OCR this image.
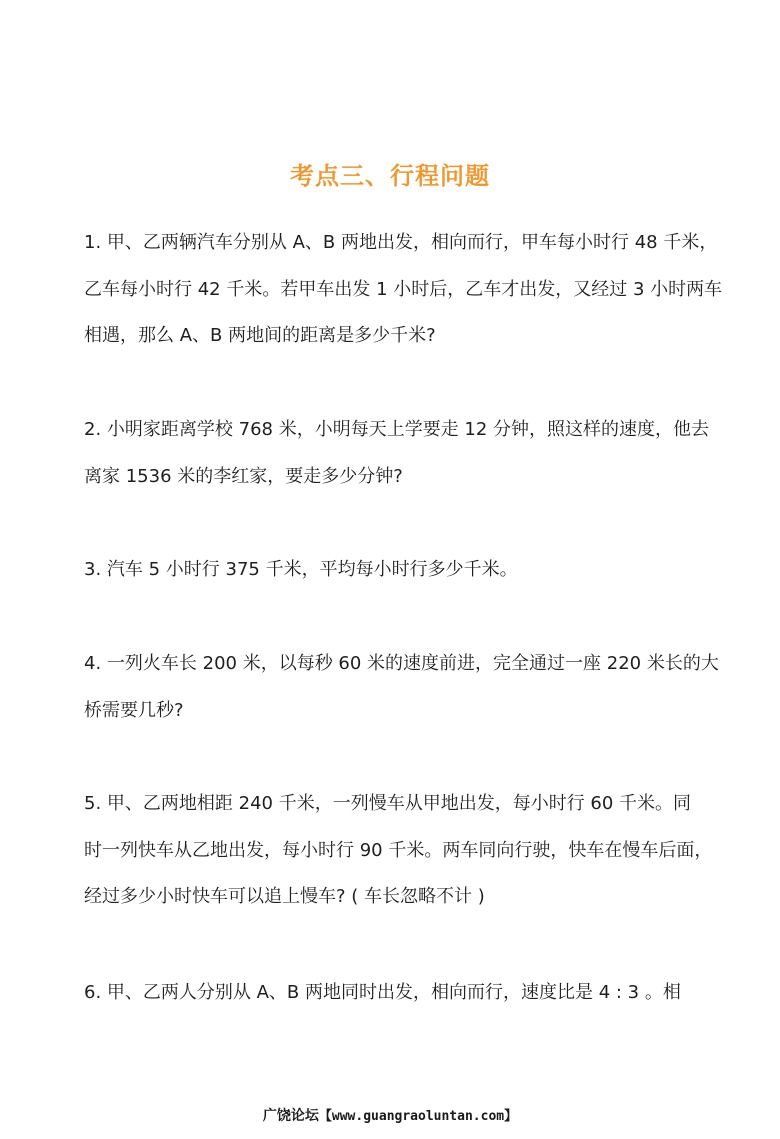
考点三、行程问题
1. 甲、乙两辆汽车分别从 A、B 两地出发，相向而行，甲车每小时行 48 千米，
乙车每小时行 42 千米。若甲车出发 1 小时后，乙车才出发，又经过 3 小时两车
相遇，那么 A、B 两地间的距离是多少千米?
2. 小明家距离学校 768 米，小明每天上学要走 12 分钟，照这样的速度，他去
离家 1536 米的李红家，要走多少分钟?
3. 汽车 5 小时行 375 千米，平均每小时行多少千米。
4. 一列火车长 200 米，以每秒 60 米的速度前进，完全通过一座 220 米长的大
桥需要几秒?
5. 甲、乙两地相距 240 千米，一列慢车从甲地出发，每小时行 60 千米。同
时一列快车从乙地出发，每小时行 90 千米。两车同向行驶，快车在慢车后面，
经过多少小时快车可以追上慢车? ( 车长忽略不计 )
6. 甲、乙两人分别从 A、B 两地同时出发，相向而行，速度比是 4 : 3 。相
广饶论坛【www.guangraoluntan.com】
